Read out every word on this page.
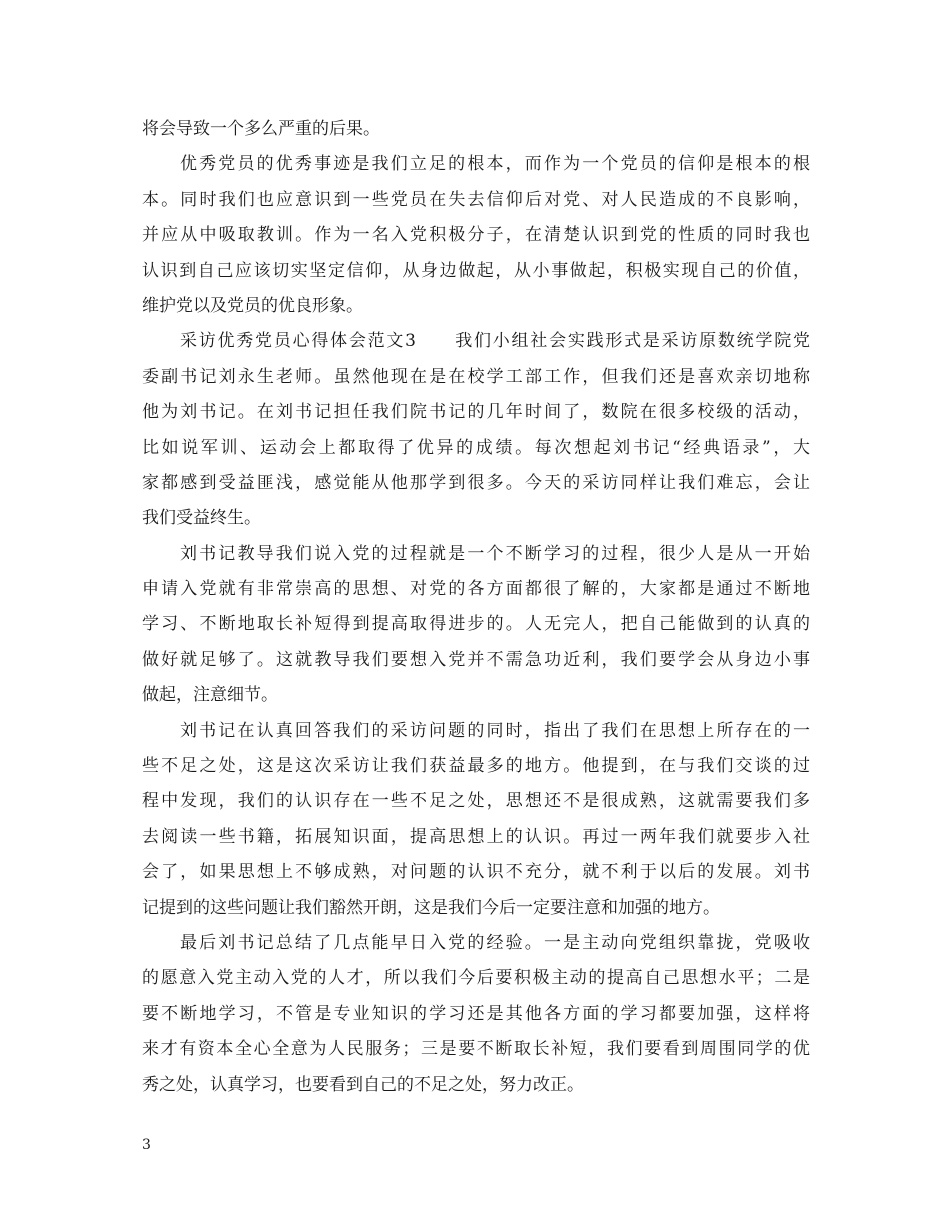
将会导致一个多么严重的后果。
优秀党员的优秀事迹是我们立足的根本，而作为一个党员的信仰是根本的根
本。同时我们也应意识到一些党员在失去信仰后对党、对人民造成的不良影响，
并应从中吸取教训。作为一名入党积极分子，在清楚认识到党的性质的同时我也
认识到自己应该切实坚定信仰，从身边做起，从小事做起，积极实现自己的价值，
维护党以及党员的优良形象。
采访优秀党员心得体会范文3　　我们小组社会实践形式是采访原数统学院党
委副书记刘永生老师。虽然他现在是在校学工部工作，但我们还是喜欢亲切地称
他为刘书记。在刘书记担任我们院书记的几年时间了，数院在很多校级的活动，
比如说军训、运动会上都取得了优异的成绩。每次想起刘书记“经典语录”，大
家都感到受益匪浅，感觉能从他那学到很多。今天的采访同样让我们难忘，会让
我们受益终生。
刘书记教导我们说入党的过程就是一个不断学习的过程，很少人是从一开始
申请入党就有非常崇高的思想、对党的各方面都很了解的，大家都是通过不断地
学习、不断地取长补短得到提高取得进步的。人无完人，把自己能做到的认真的
做好就足够了。这就教导我们要想入党并不需急功近利，我们要学会从身边小事
做起，注意细节。
刘书记在认真回答我们的采访问题的同时，指出了我们在思想上所存在的一
些不足之处，这是这次采访让我们获益最多的地方。他提到，在与我们交谈的过
程中发现，我们的认识存在一些不足之处，思想还不是很成熟，这就需要我们多
去阅读一些书籍，拓展知识面，提高思想上的认识。再过一两年我们就要步入社
会了，如果思想上不够成熟，对问题的认识不充分，就不利于以后的发展。刘书
记提到的这些问题让我们豁然开朗，这是我们今后一定要注意和加强的地方。
最后刘书记总结了几点能早日入党的经验。一是主动向党组织靠拢，党吸收
的愿意入党主动入党的人才，所以我们今后要积极主动的提高自己思想水平；二是
要不断地学习，不管是专业知识的学习还是其他各方面的学习都要加强，这样将
来才有资本全心全意为人民服务；三是要不断取长补短，我们要看到周围同学的优
秀之处，认真学习，也要看到自己的不足之处，努力改正。
3
